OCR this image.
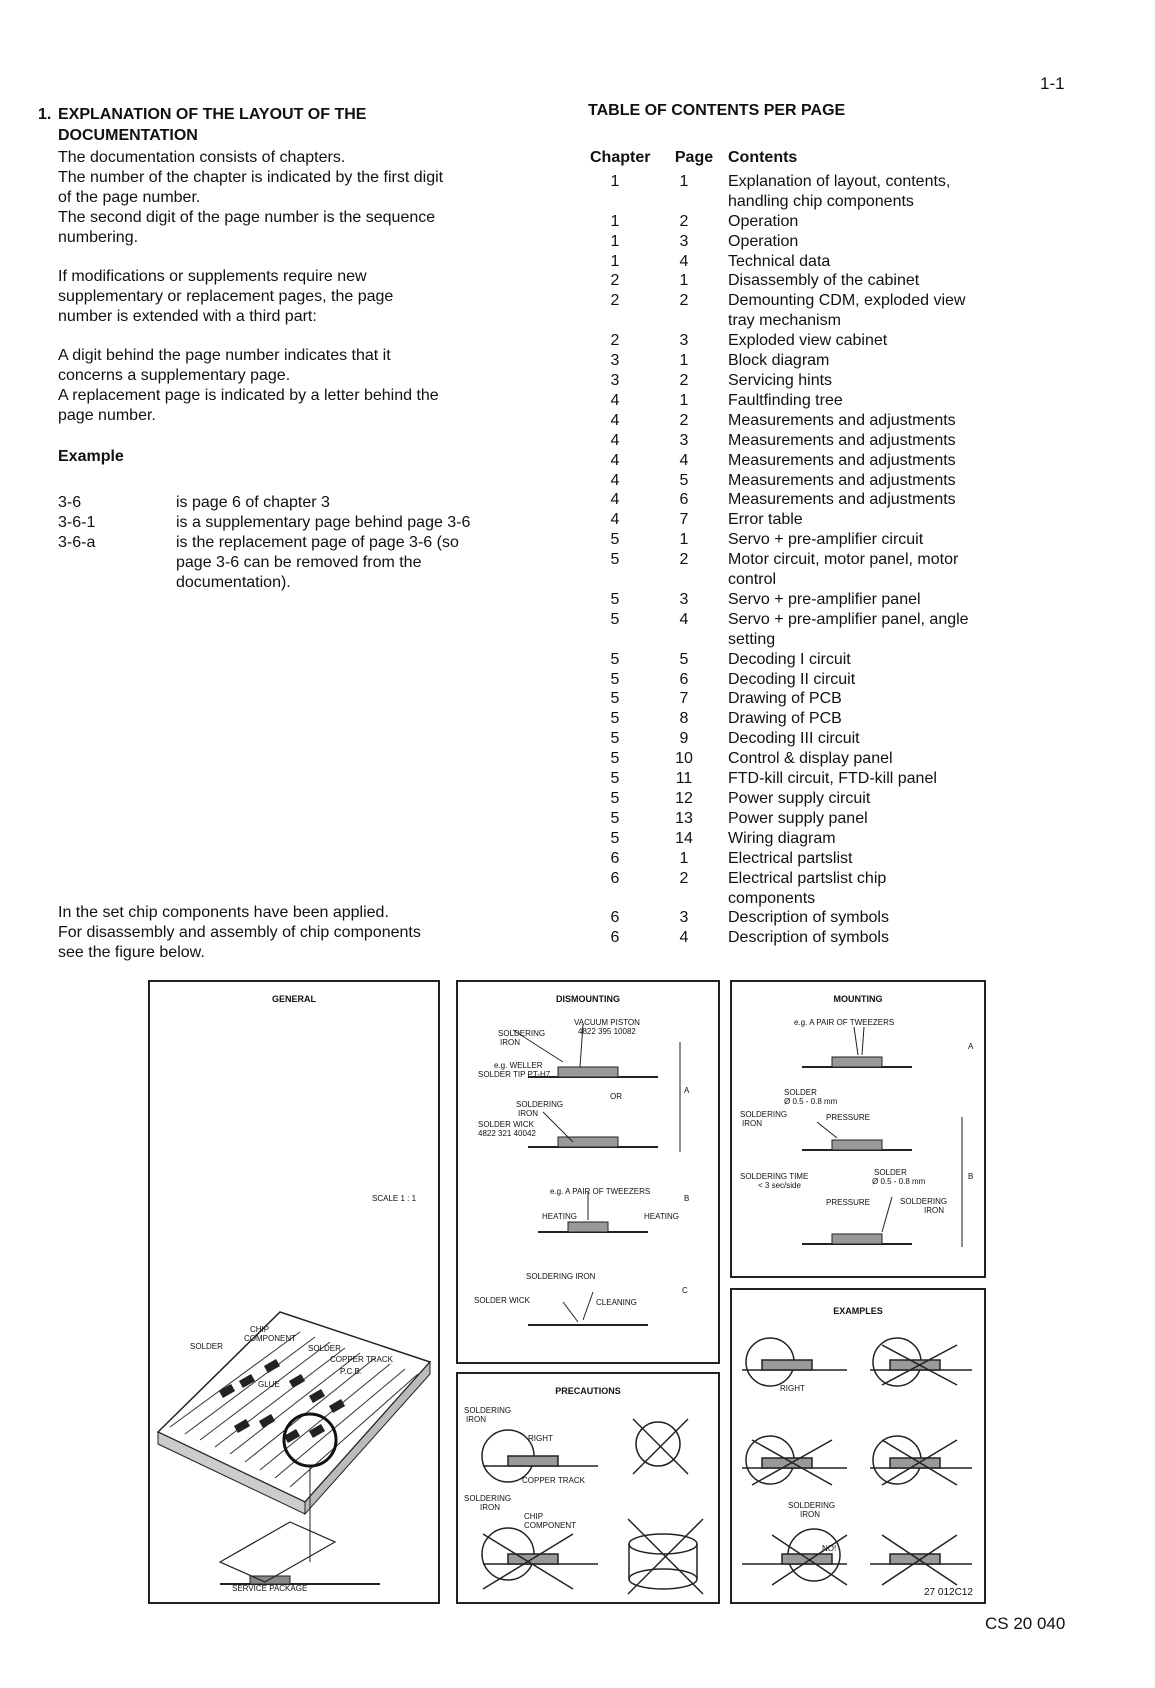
1-1
1. EXPLANATION OF THE LAYOUT OF THE
DOCUMENTATION
The documentation consists of chapters.
The number of the chapter is indicated by the first digit
of the page number.
The second digit of the page number is the sequence
numbering.
If modifications or supplements require new
supplementary or replacement pages, the page
number is extended with a third part:
A digit behind the page number indicates that it
concerns a supplementary page.
A replacement page is indicated by a letter behind the
page number.
Example
3-6	is page 6 of chapter 3
3-6-1	is a supplementary page behind page 3-6
3-6-a	is the replacement page of page 3-6 (so
page 3-6 can be removed from the
documentation).
In the set chip components have been applied.
For disassembly and assembly of chip components
see the figure below.
TABLE OF CONTENTS PER PAGE
Chapter	Page Contents
1	1	Explanation of layout, contents,
handling chip components
1	2	Operation
1	3	Operation
1	4	Technical data
2	1	Disassembly of the cabinet
2	2	Demounting CDM, exploded view
tray mechanism
2	3	Exploded view cabinet
3	1	Block diagram
3	2	Servicing hints
4	1	Faultfinding tree
4	2	Measurements and adjustments
4	3	Measurements and adjustments
4	4	Measurements and adjustments
4	5	Measurements and adjustments
4	6	Measurements and adjustments
4	7	Error table
5	1	Servo + pre-amplifier circuit
5	2	Motor circuit, motor panel, motor
control
5	3	Servo + pre-amplifier panel
5	4	Servo + pre-amplifier panel, angle
setting
5	5	Decoding I circuit
5	6	Decoding II circuit
5	7	Drawing of PCB
5	8	Drawing of PCB
5	9	Decoding III circuit
5	10	Control & display panel
5	11	FTD-kill circuit, FTD-kill panel
5	12	Power supply circuit
5	13	Power supply panel
5	14	Wiring diagram
6	1	Electrical partslist
6	2	Electrical partslist chip
components
6	3	Description of symbols
6	4	Description of symbols
GENERAL
SCALE 1 : 1
CHIP
COMPONENT
SOLDER	SOLDER
COPPER TRACK
P.C.B.
GLUE
SERVICE PACKAGE
DISMOUNTING
VACUUM PISTON
4822 395 10082
SOLDERING
IRON
e.g. WELLER
SOLDER TIP PT-H7
OR
A
SOLDERING
IRON
SOLDER WICK
4822 321 40042
e.g. A PAIR OF TWEEZERS
B
HEATING	HEATING
SOLDERING IRON
C
SOLDER WICK	CLEANING
MOUNTING
e.g. A PAIR OF TWEEZERS
A
SOLDER
Ø 0.5 - 0.8 mm
SOLDERING
IRON
PRESSURE
SOLDERING TIME
< 3 sec/side
SOLDER
Ø 0.5 - 0.8 mm
B
PRESSURE	SOLDERING
IRON
EXAMPLES
RIGHT
SOLDERING
IRON
NO!
PRECAUTIONS
SOLDERING
IRON
RIGHT
COPPER TRACK
SOLDERING
IRON
CHIP
COMPONENT
27 012C12
CS 20 040
